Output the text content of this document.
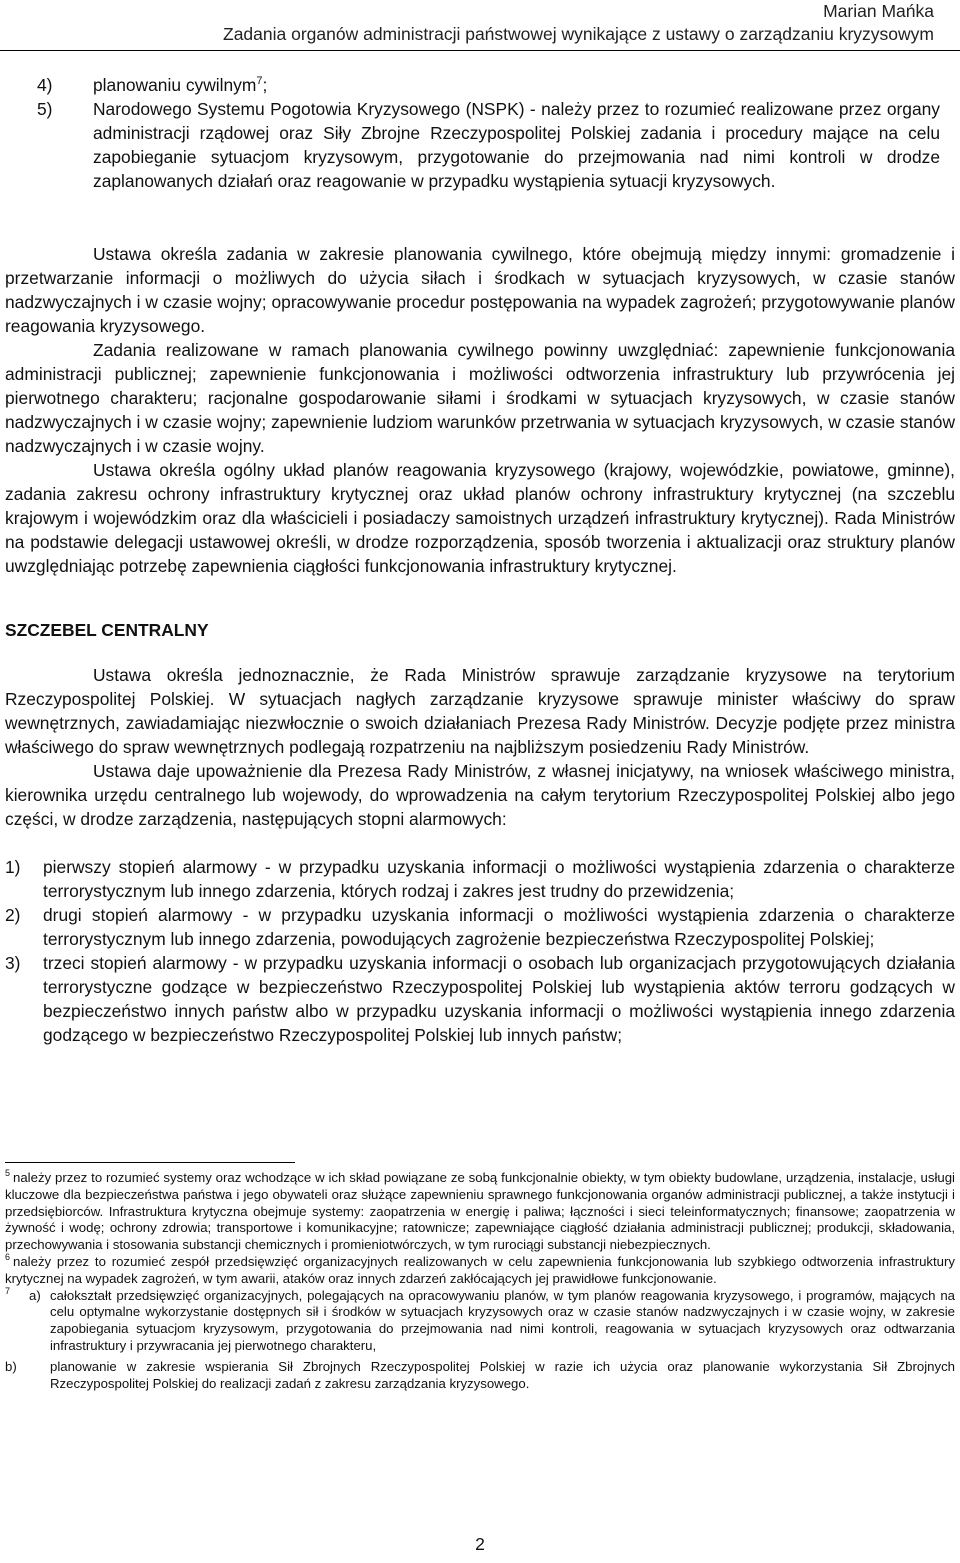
Marian Mańka
Zadania organów administracji państwowej wynikające z ustawy o zarządzaniu kryzysowym
4) planowaniu cywilnym$^7$;
5) Narodowego Systemu Pogotowia Kryzysowego (NSPK) - należy przez to rozumieć realizowane przez organy administracji rządowej oraz Siły Zbrojne Rzeczypospolitej Polskiej zadania i procedury mające na celu zapobieganie sytuacjom kryzysowym, przygotowanie do przejmowania nad nimi kontroli w drodze zaplanowanych działań oraz reagowanie w przypadku wystąpienia sytuacji kryzysowych.

Ustawa określa zadania w zakresie planowania cywilnego, które obejmują między innymi: gromadzenie i przetwarzanie informacji o możliwych do użycia siłach i środkach w sytuacjach kryzysowych, w czasie stanów nadzwyczajnych i w czasie wojny; opracowywanie procedur postępowania na wypadek zagrożeń; przygotowywanie planów reagowania kryzysowego.

Zadania realizowane w ramach planowania cywilnego powinny uwzględniać: zapewnienie funkcjonowania administracji publicznej; zapewnienie funkcjonowania i możliwości odtworzenia infrastruktury lub przywrócenia jej pierwotnego charakteru; racjonalne gospodarowanie siłami i środkami w sytuacjach kryzysowych, w czasie stanów nadzwyczajnych i w czasie wojny; zapewnienie ludziom warunków przetrwania w sytuacjach kryzysowych, w czasie stanów nadzwyczajnych i w czasie wojny.

Ustawa określa ogólny układ planów reagowania kryzysowego (krajowy, wojewódzkie, powiatowe, gminne), zadania zakresu ochrony infrastruktury krytycznej oraz układ planów ochrony infrastruktury krytycznej (na szczeblu krajowym i wojewódzkim oraz dla właścicieli i posiadaczy samoistnych urządzeń infrastruktury krytycznej). Rada Ministrów na podstawie delegacji ustawowej określi, w drodze rozporządzenia, sposób tworzenia i aktualizacji oraz struktury planów uwzględniając potrzebę zapewnienia ciągłości funkcjonowania infrastruktury krytycznej.

SZCZEBEL CENTRALNY

Ustawa określa jednoznacznie, że Rada Ministrów sprawuje zarządzanie kryzysowe na terytorium Rzeczypospolitej Polskiej. W sytuacjach nagłych zarządzanie kryzysowe sprawuje minister właściwy do spraw wewnętrznych, zawiadamiając niezwłocznie o swoich działaniach Prezesa Rady Ministrów. Decyzje podjęte przez ministra właściwego do spraw wewnętrznych podlegają rozpatrzeniu na najbliższym posiedzeniu Rady Ministrów.

Ustawa daje upoważnienie dla Prezesa Rady Ministrów, z własnej inicjatywy, na wniosek właściwego ministra, kierownika urzędu centralnego lub wojewody, do wprowadzenia na całym terytorium Rzeczypospolitej Polskiej albo jego części, w drodze zarządzenia, następujących stopni alarmowych:

1) pierwszy stopień alarmowy - w przypadku uzyskania informacji o możliwości wystąpienia zdarzenia o charakterze terrorystycznym lub innego zdarzenia, których rodzaj i zakres jest trudny do przewidzenia;
2) drugi stopień alarmowy - w przypadku uzyskania informacji o możliwości wystąpienia zdarzenia o charakterze terrorystycznym lub innego zdarzenia, powodujących zagrożenie bezpieczeństwa Rzeczypospolitej Polskiej;
3) trzeci stopień alarmowy - w przypadku uzyskania informacji o osobach lub organizacjach przygotowujących działania terrorystyczne godzące w bezpieczeństwo Rzeczypospolitej Polskiej lub wystąpienia aktów terroru godzących w bezpieczeństwo innych państw albo w przypadku uzyskania informacji o możliwości wystąpienia innego zdarzenia godzącego w bezpieczeństwo Rzeczypospolitej Polskiej lub innych państw;

$^5$ należy przez to rozumieć systemy oraz wchodzące w ich skład powiązane ze sobą funkcjonalnie obiekty, w tym obiekty budowlane, urządzenia, instalacje, usługi kluczowe dla bezpieczeństwa państwa i jego obywateli oraz służące zapewnieniu sprawnego funkcjonowania organów administracji publicznej, a także instytucji i przedsiębiorców. Infrastruktura krytyczna obejmuje systemy: zaopatrzenia w energię i paliwa; łączności i sieci teleinformatycznych; finansowe; zaopatrzenia w żywność i wodę; ochrony zdrowia; transportowe i komunikacyjne; ratownicze; zapewniające ciągłość działania administracji publicznej; produkcji, składowania, przechowywania i stosowania substancji chemicznych i promieniotwórczych, w tym rurociągi substancji niebezpiecznych.

$^6$ należy przez to rozumieć zespół przedsięwzięć organizacyjnych realizowanych w celu zapewnienia funkcjonowania lub szybkiego odtworzenia infrastruktury krytycznej na wypadek zagrożeń, w tym awarii, ataków oraz innych zdarzeń zakłócających jej prawidłowe funkcjonowanie.

$^7$ a) całokształt przedsięwzięć organizacyjnych, polegających na opracowywaniu planów, w tym planów reagowania kryzysowego, i programów, mających na celu optymalne wykorzystanie dostępnych sił i środków w sytuacjach kryzysowych oraz w czasie stanów nadzwyczajnych i w czasie wojny, w zakresie zapobiegania sytuacjom kryzysowym, przygotowania do przejmowania nad nimi kontroli, reagowania w sytuacjach kryzysowych oraz odtwarzania infrastruktury i przywracania jej pierwotnego charakteru,
b)	planowanie w zakresie wspierania Sił Zbrojnych Rzeczypospolitej Polskiej w razie ich użycia oraz planowanie wykorzystania Sił Zbrojnych Rzeczypospolitej Polskiej do realizacji zadań z zakresu zarządzania kryzysowego.
2
